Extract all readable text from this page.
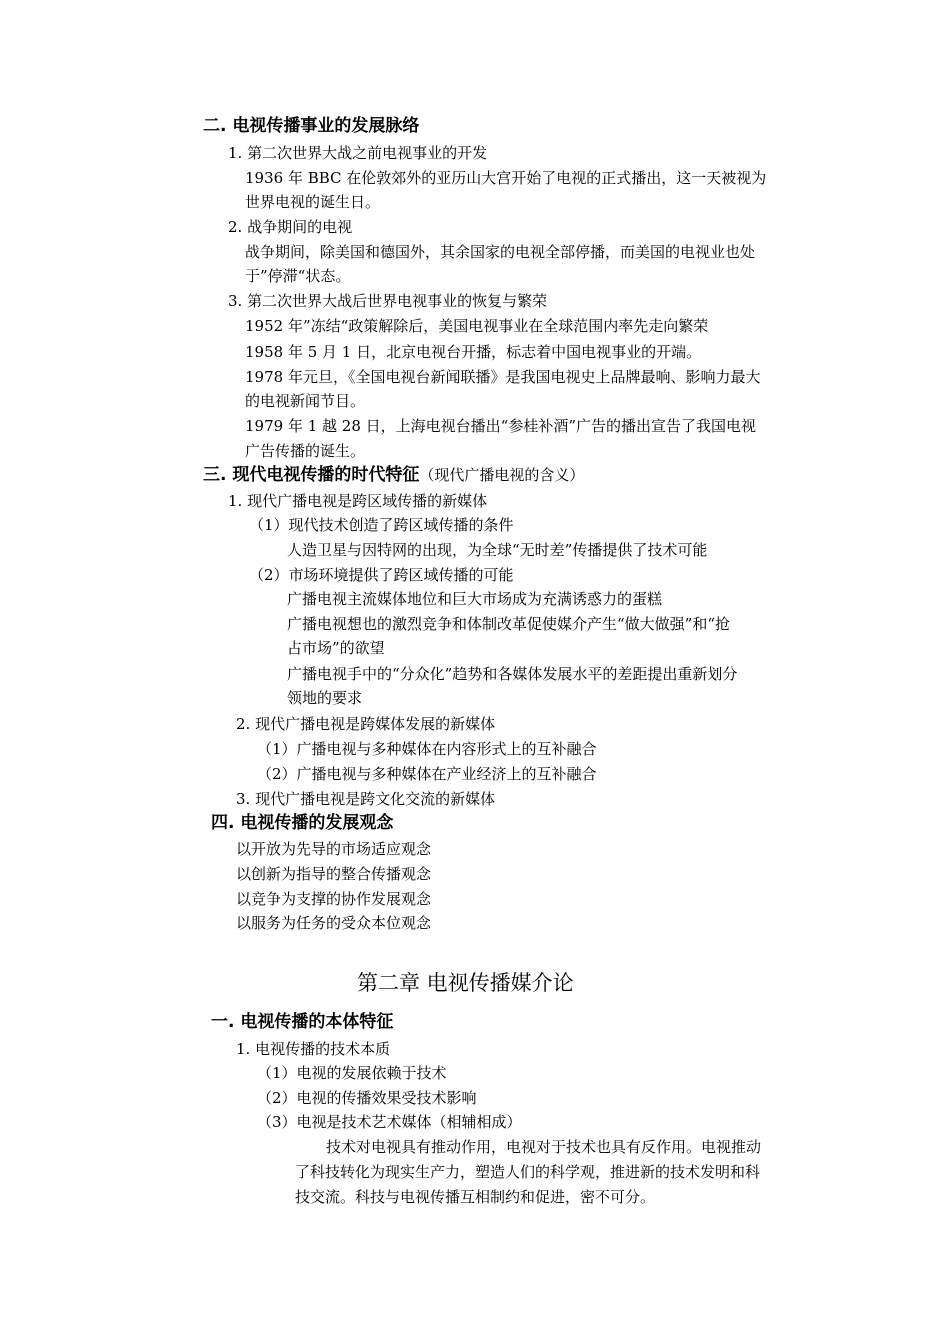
二. 电视传播事业的发展脉络
1. 第二次世界大战之前电视事业的开发
1936 年 BBC 在伦敦郊外的亚历山大宫开始了电视的正式播出，这一天被视为
世界电视的诞生日。
2. 战争期间的电视
战争期间，除美国和德国外，其余国家的电视全部停播，而美国的电视业也处
于”停滞“状态。
3. 第二次世界大战后世界电视事业的恢复与繁荣
1952 年”冻结“政策解除后，美国电视事业在全球范围内率先走向繁荣
1958 年 5 月 1 日，北京电视台开播，标志着中国电视事业的开端。
1978 年元旦，《全国电视台新闻联播》是我国电视史上品牌最响、影响力最大
的电视新闻节目。
1979 年 1 越 28 日，上海电视台播出“参桂补酒”广告的播出宣告了我国电视
广告传播的诞生。
三. 现代电视传播的时代特征（现代广播电视的含义）
1. 现代广播电视是跨区域传播的新媒体
（1）现代技术创造了跨区域传播的条件
人造卫星与因特网的出现，为全球“无时差”传播提供了技术可能
（2）市场环境提供了跨区域传播的可能
广播电视主流媒体地位和巨大市场成为充满诱惑力的蛋糕
广播电视想也的激烈竞争和体制改革促使媒介产生“做大做强”和“抢
占市场”的欲望
广播电视手中的“分众化”趋势和各媒体发展水平的差距提出重新划分
领地的要求
2. 现代广播电视是跨媒体发展的新媒体
（1）广播电视与多种媒体在内容形式上的互补融合
（2）广播电视与多种媒体在产业经济上的互补融合
3. 现代广播电视是跨文化交流的新媒体
四. 电视传播的发展观念
以开放为先导的市场适应观念
以创新为指导的整合传播观念
以竞争为支撑的协作发展观念
以服务为任务的受众本位观念
第二章 电视传播媒介论
一. 电视传播的本体特征
1. 电视传播的技术本质
（1）电视的发展依赖于技术
（2）电视的传播效果受技术影响
（3）电视是技术艺术媒体（相辅相成）
技术对电视具有推动作用，电视对于技术也具有反作用。电视推动
了科技转化为现实生产力，塑造人们的科学观，推进新的技术发明和科
技交流。科技与电视传播互相制约和促进，密不可分。
